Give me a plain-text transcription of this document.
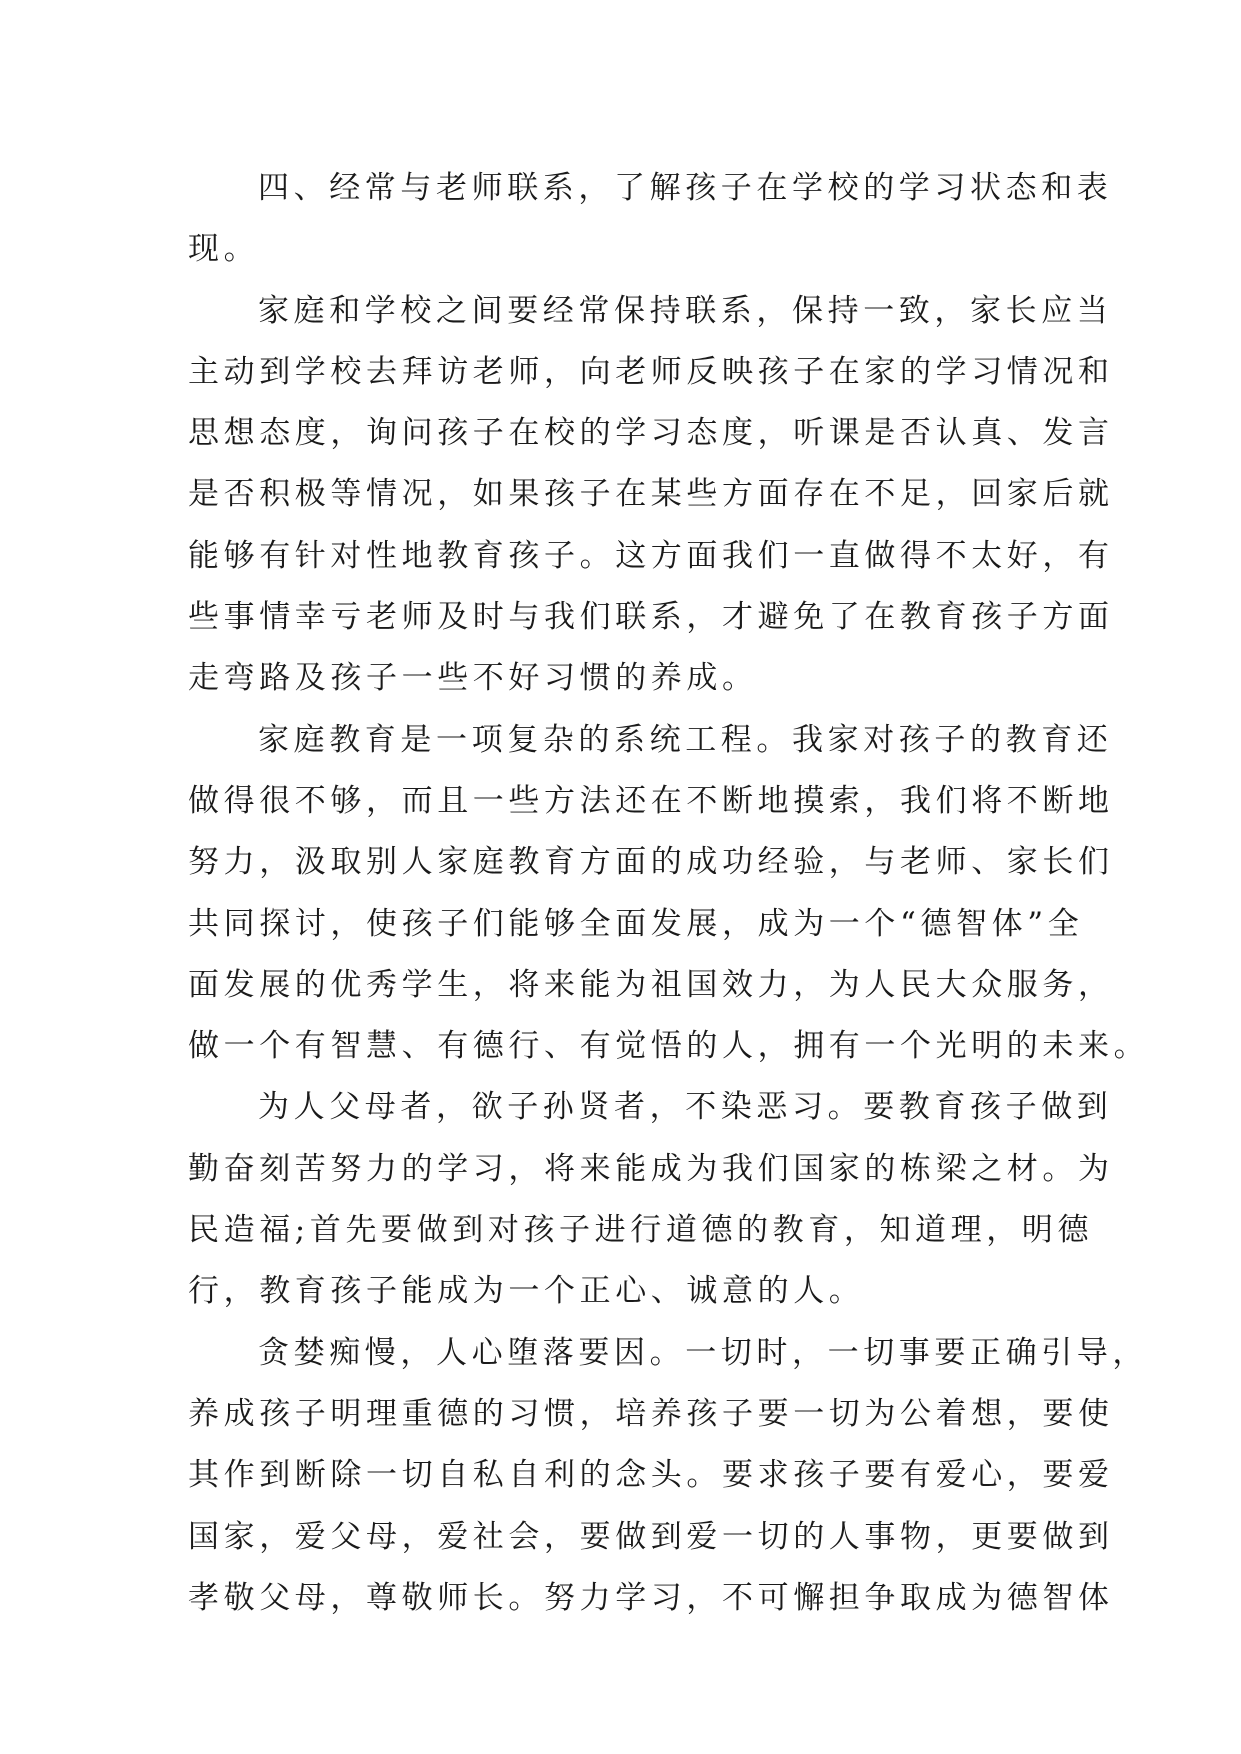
四、经常与老师联系，了解孩子在学校的学习状态和表
现。
家庭和学校之间要经常保持联系，保持一致，家长应当
主动到学校去拜访老师，向老师反映孩子在家的学习情况和
思想态度，询问孩子在校的学习态度，听课是否认真、发言
是否积极等情况，如果孩子在某些方面存在不足，回家后就
能够有针对性地教育孩子。这方面我们一直做得不太好，有
些事情幸亏老师及时与我们联系，才避免了在教育孩子方面
走弯路及孩子一些不好习惯的养成。
家庭教育是一项复杂的系统工程。我家对孩子的教育还
做得很不够，而且一些方法还在不断地摸索，我们将不断地
努力，汲取别人家庭教育方面的成功经验，与老师、家长们
共同探讨，使孩子们能够全面发展，成为一个“德智体”全
面发展的优秀学生，将来能为祖国效力，为人民大众服务，
做一个有智慧、有德行、有觉悟的人，拥有一个光明的未来。
为人父母者，欲子孙贤者，不染恶习。要教育孩子做到
勤奋刻苦努力的学习，将来能成为我们国家的栋梁之材。为
民造福;首先要做到对孩子进行道德的教育，知道理，明德
行，教育孩子能成为一个正心、诚意的人。
贪婪痴慢，人心堕落要因。一切时，一切事要正确引导，
养成孩子明理重德的习惯，培养孩子要一切为公着想，要使
其作到断除一切自私自利的念头。要求孩子要有爱心，要爱
国家，爱父母，爱社会，要做到爱一切的人事物，更要做到
孝敬父母，尊敬师长。努力学习，不可懈担争取成为德智体
